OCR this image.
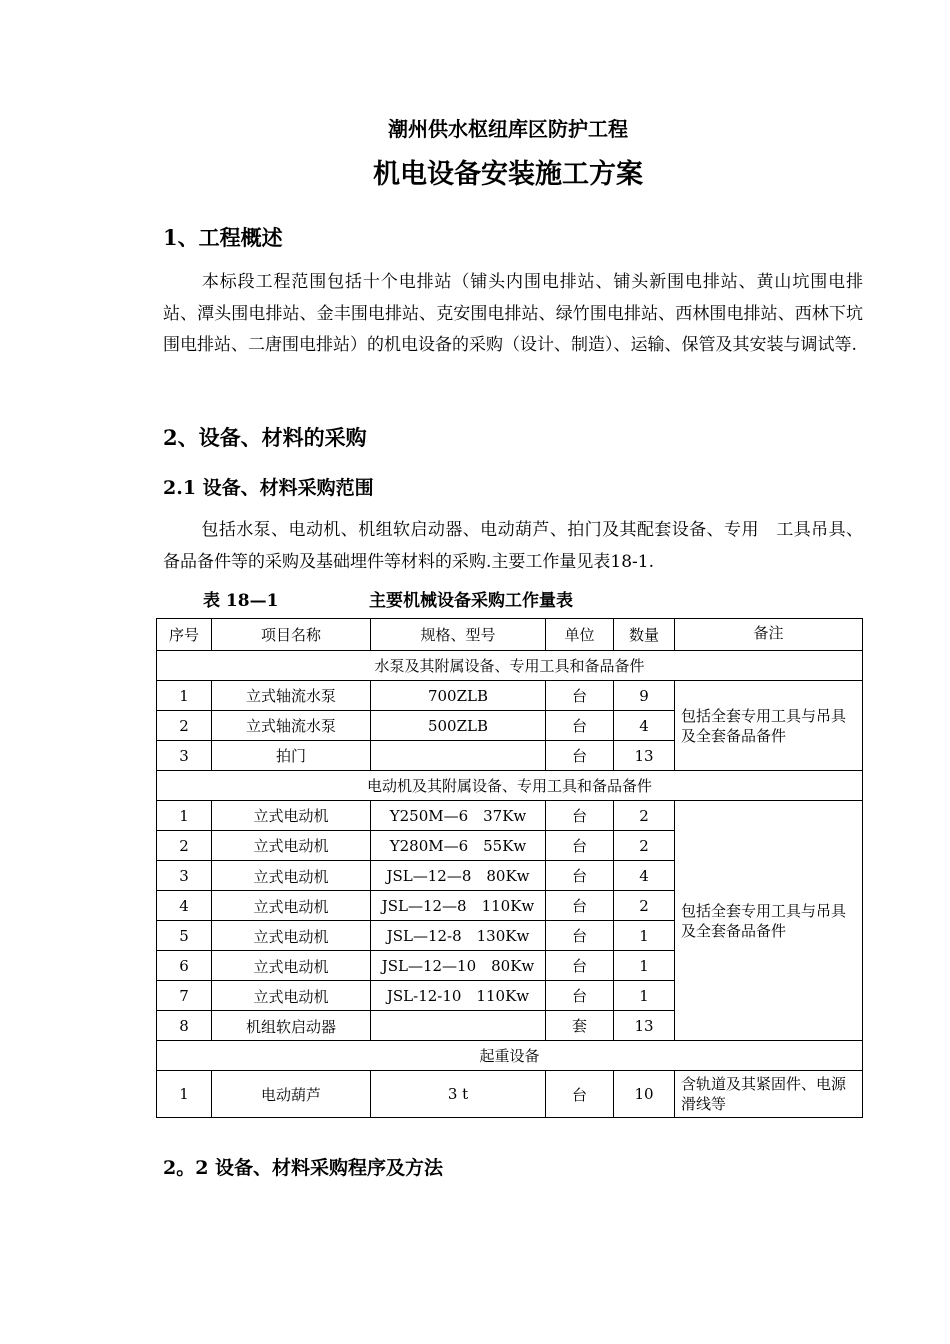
潮州供水枢纽库区防护工程
机电设备安装施工方案
1、工程概述
本标段工程范围包括十个电排站（铺头内围电排站、铺头新围电排站、黄山坑围电排站、潭头围电排站、金丰围电排站、克安围电排站、绿竹围电排站、西林围电排站、西林下坑围电排站、二唐围电排站）的机电设备的采购（设计、制造）、运输、保管及其安装与调试等.
2、设备、材料的采购
2.1 设备、材料采购范围
包括水泵、电动机、机组软启动器、电动葫芦、拍门及其配套设备、专用　工具吊具、备品备件等的采购及基础埋件等材料的采购.主要工作量见表18-1.
表 18—1	主要机械设备采购工作量表
序号	项目名称	规格、型号	单位	数量	备注
水泵及其附属设备、专用工具和备品备件					
1	立式轴流水泵	700ZLB	台	9	包括全套专用工具与吊具及全套备品备件
2	立式轴流水泵	500ZLB	台	4	
3	拍门		台	13	
电动机及其附属设备、专用工具和备品备件					
1	立式电动机	Y250M—6　37Kw	台	2	包括全套专用工具与吊具及全套备品备件
2	立式电动机	Y280M—6　55Kw	台	2	
3	立式电动机	JSL—12—8　80Kw	台	4	
4	立式电动机	JSL—12—8　110Kw	台	2	
5	立式电动机	JSL—12-8　130Kw	台	1	
6	立式电动机	JSL—12—10　80Kw	台	1	
7	立式电动机	JSL-12-10　110Kw	台	1	
8	机组软启动器		套	13	
起重设备					
1	电动葫芦	3 t	台	10	含轨道及其紧固件、电源滑线等
2。2 设备、材料采购程序及方法
